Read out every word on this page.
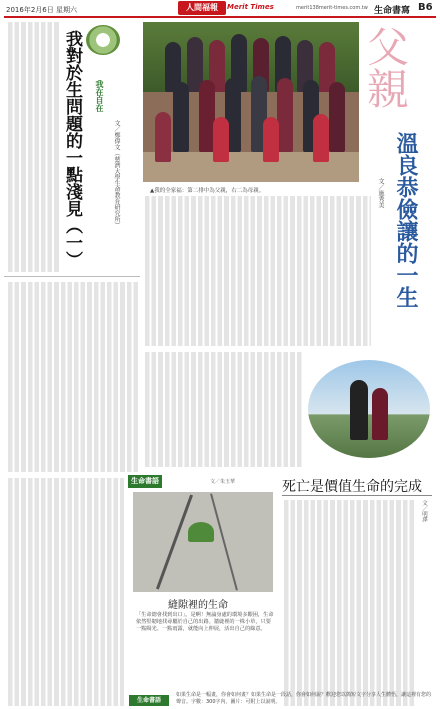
2016年2月6日 星期六	人間福報	Merit Times	merit138merit-times.com.tw 生命書寫 B6
我在自在
我對於生問題的一點淺見（一）	文／鄭偉文（慈濟大學生命教育研究所）	▲我的全家福：第二排中為父親，右二為母親。
父親
溫良恭儉讓的一生
文／施秀美
死亡是價值生命的完成
文／明澤
生命書語	文／朱玉華
縫隙裡的生命
「生命總會找到出口」。是啊！無論身處的環境多艱困，生命依然堅韌地找尋屬於自己的出路。牆縫裡的一株小草，只要一點陽光、一點雨露，就能向上伸展，活出自己的綠意。
生命書語
如果生命是一幅畫，你會如何畫？如果生命是一段話，你會如何說？歡迎您以簡短文字分享人生體悟，讓這裡有您的聲音。字數：300字內，圖片：可附上以說明。
